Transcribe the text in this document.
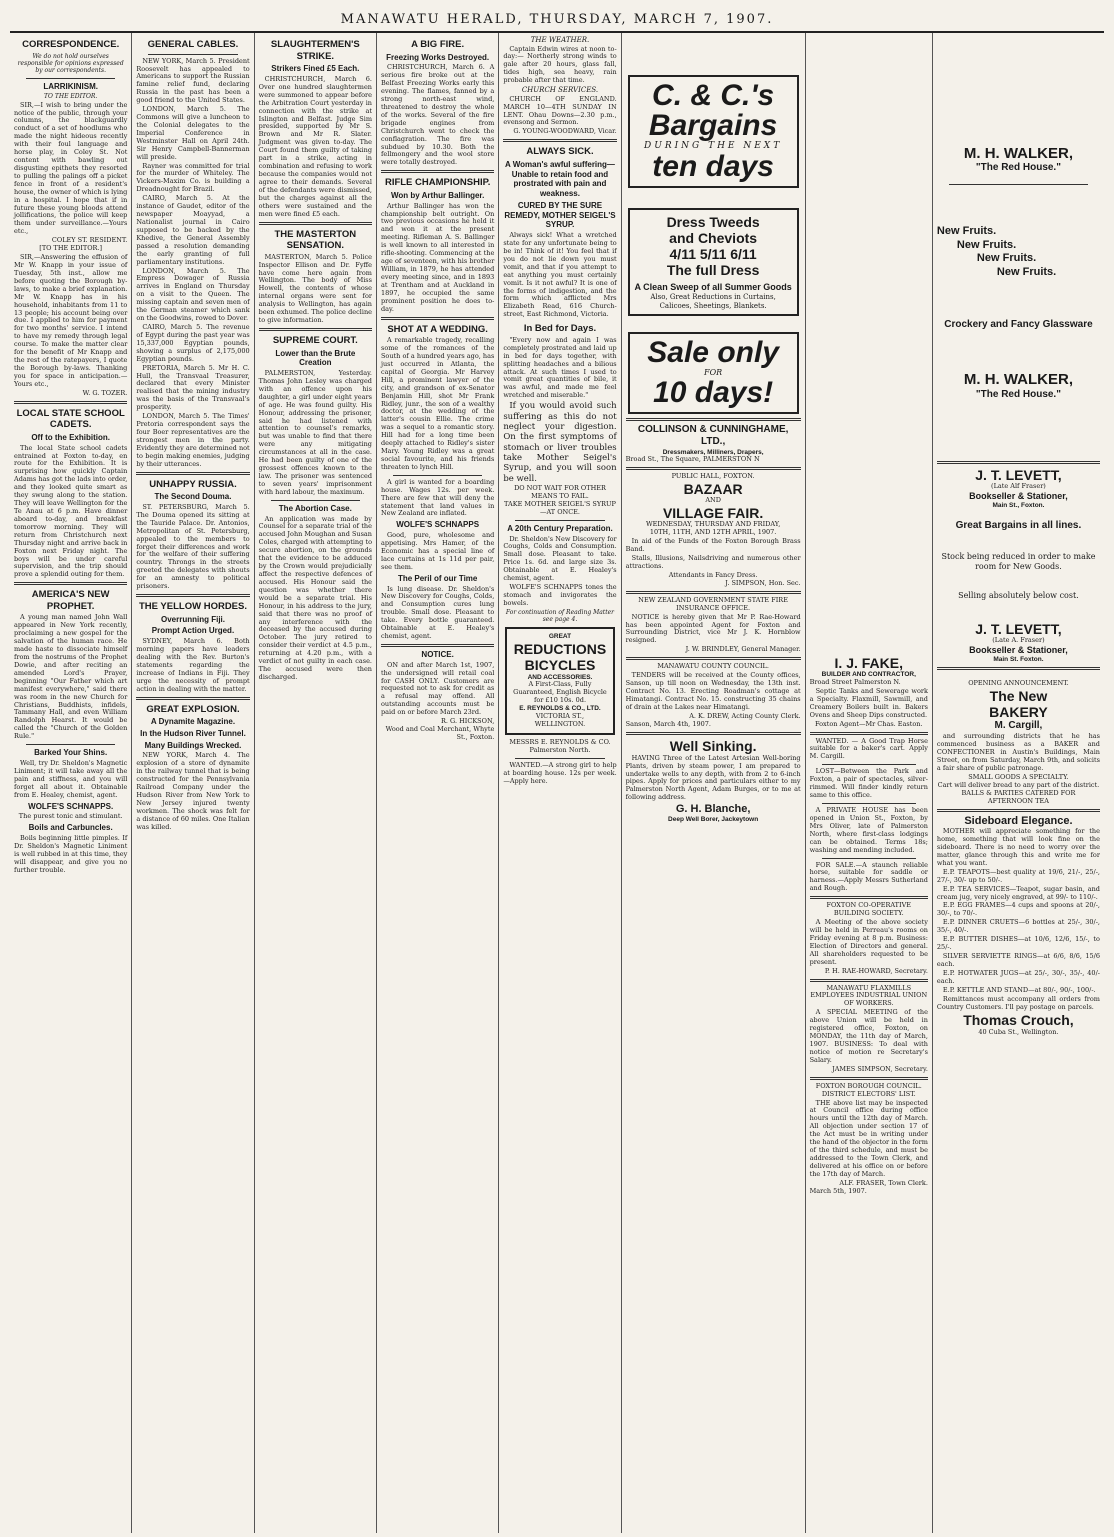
MANAWATU HERALD, THURSDAY, MARCH 7, 1907.
CORRESPONDENCE.
We do not hold ourselves responsible for opinions expressed by our correspondents.
LARRIKINISM.
TO THE EDITOR.

SIR,—I wish to bring under the notice of the public, through your columns, the blackguardly conduct of a set of hoodlums who made the night hideous recently with their foul language and horse play, in Coley St. Not content with bawling out disgusting epithets they resorted to pulling the palings off a picket fence in front of a resident's house, the owner of which is lying in a hospital. I hope that if in future these young bloods attend jollifications, the police will keep them under surveillance.—Yours etc.,

COLEY ST. RESIDENT.
[TO THE EDITOR.]

SIR,—Answering the effusion of Mr W. Knapp in your issue of Tuesday, 5th inst., allow me before quoting the Borough by-laws, to make a brief explanation. Mr W. Knapp has in his household, inhabitants from 11 to 13 people; his account being over due. I applied to him for payment for two months' service. I intend to have my remedy through legal course. To make the matter clear for the benefit of Mr Knapp and the rest of the ratepayers, I quote the Borough by-laws. Thanking you for space in anticipation.—Yours etc.,

W. G. TOZER.
LOCAL STATE SCHOOL CADETS.
Off to the Exhibition.

The local State school cadets entrained at Foxton to-day, en route for the Exhibition. It is surprising how quickly Captain Adams has got the lads into order, and they looked quite smart as they swung along to the station. They will leave Wellington for the Te Anau at 6 p.m. Have dinner aboard to-day, and breakfast tomorrow morning. They will return from Christchurch next Thursday night and arrive back in Foxton next Friday night. The boys will be under careful supervision, and the trip should prove a splendid outing for them.

AMERICA'S NEW PROPHET.

A young man named John Wall appeared in New York recently, proclaiming a new gospel for the salvation of the human race. He made haste to dissociate himself from the nostrums of the Prophet Dowie, and after reciting an amended Lord's Prayer, beginning "Our Father which art manifest everywhere," said there was room in the new Church for Christians, Buddhists, infidels, Tammany Hall, and even William Randolph Hearst. It would be called the "Church of the Golden Rule."

Barked Your Shins.

Well, try Dr. Sheldon's Magnetic Liniment; it will take away all the pain and stiffness, and you will forget all about it. Obtainable from E. Healey, chemist, agent.

WOLFE'S SCHNAPPS.
The purest tonic and stimulant.
Boils and Carbuncles.

Boils beginning little pimples. If Dr. Sheldon's Magnetic Liniment is well rubbed in at this time, they will disappear, and give you no further trouble.

GENERAL CABLES.

NEW YORK, March 5. President Roosevelt has appealed to Americans to support the Russian famine relief fund, declaring Russia in the past has been a good friend to the United States.

LONDON, March 5. The Commons will give a luncheon to the Colonial delegates to the Imperial Conference in Westminster Hall on April 24th. Sir Henry Campbell-Bannerman will preside.

Rayner was committed for trial for the murder of Whiteley. The Vickers-Maxim Co. is building a Dreadnought for Brazil.

CAIRO, March 5. At the instance of Gaudet, editor of the newspaper Moayyad, a Nationalist journal in Cairo supposed to be backed by the Khedive, the General Assembly passed a resolution demanding the early granting of full parliamentary institutions.

LONDON, March 5. The Empress Dowager of Russia arrives in England on Thursday on a visit to the Queen. The missing captain and seven men of the German steamer which sank on the Goodwins, rowed to Dover.

CAIRO, March 5. The revenue of Egypt during the past year was 15,337,000 Egyptian pounds, showing a surplus of 2,175,000 Egyptian pounds.

PRETORIA, March 5. Mr H. C. Hull, the Transvaal Treasurer, declared that every Minister realised that the mining industry was the basis of the Transvaal's prosperity.

LONDON, March 5. The Times' Pretoria correspondent says the four Boer representatives are the strongest men in the party. Evidently they are determined not to begin making enemies, judging by their utterances.

UNHAPPY RUSSIA.
The Second Douma.

ST. PETERSBURG, March 5. The Douma opened its sitting at the Tauride Palace. Dr. Antonios, Metropolitan of St. Petersburg, appealed to the members to forget their differences and work for the welfare of their suffering country. Throngs in the streets greeted the delegates with shouts for an amnesty to political prisoners.

THE YELLOW HORDES.
Overrunning Fiji.
Prompt Action Urged.

SYDNEY, March 6. Both morning papers have leaders dealing with the Rev. Burton's statements regarding the increase of Indians in Fiji. They urge the necessity of prompt action in dealing with the matter.

GREAT EXPLOSION.
A Dynamite Magazine.
In the Hudson River Tunnel.
Many Buildings Wrecked.

NEW YORK, March 4. The explosion of a store of dynamite in the railway tunnel that is being constructed for the Pennsylvania Railroad Company under the Hudson River from New York to New Jersey injured twenty workmen. The shock was felt for a distance of 60 miles. One Italian was killed.

SLAUGHTERMEN'S STRIKE.
Strikers Fined £5 Each.

CHRISTCHURCH, March 6. Over one hundred slaughtermen were summoned to appear before the Arbitration Court yesterday in connection with the strike at Islington and Belfast. Judge Sim presided, supported by Mr S. Brown and Mr R. Slater. Judgment was given to-day. The Court found them guilty of taking part in a strike, acting in combination and refusing to work because the companies would not agree to their demands. Several of the defendants were dismissed, but the charges against all the others were sustained and the men were fined £5 each.

THE MASTERTON SENSATION.

MASTERTON, March 5. Police Inspector Ellison and Dr. Fyffe have come here again from Wellington. The body of Miss Howell, the contents of whose internal organs were sent for analysis to Wellington, has again been exhumed. The police decline to give information.

SUPREME COURT.
Lower than the Brute Creation

PALMERSTON, Yesterday. Thomas John Lesley was charged with an offence upon his daughter, a girl under eight years of age. He was found guilty. His Honour, addressing the prisoner, said he had listened with attention to counsel's remarks, but was unable to find that there were any mitigating circumstances at all in the case. He had been guilty of one of the grossest offences known to the law. The prisoner was sentenced to seven years' imprisonment with hard labour, the maximum.

The Abortion Case.

An application was made by Counsel for a separate trial of the accused John Moughan and Susan Coles, charged with attempting to secure abortion, on the grounds that the evidence to be adduced by the Crown would prejudicially affect the respective defences of accused. His Honour said the question was whether there would be a separate trial. His Honour, in his address to the jury, said that there was no proof of any interference with the deceased by the accused during October. The jury retired to consider their verdict at 4.5 p.m., returning at 4.20 p.m., with a verdict of not guilty in each case. The accused were then discharged.

A BIG FIRE.
Freezing Works Destroyed.

CHRISTCHURCH, March 6. A serious fire broke out at the Belfast Freezing Works early this evening. The flames, fanned by a strong north-east wind, threatened to destroy the whole of the works. Several of the fire brigade engines from Christchurch went to check the conflagration. The fire was subdued by 10.30. Both the fellmongery and the wool store were totally destroyed.

RIFLE CHAMPIONSHIP.
Won by Arthur Ballinger.

Arthur Ballinger has won the championship belt outright. On two previous occasions he held it and won it at the present meeting. Rifleman A. S. Ballinger is well known to all interested in rifle-shooting. Commencing at the age of seventeen, with his brother William, in 1879, he has attended every meeting since, and in 1893 at Trentham and at Auckland in 1897, he occupied the same prominent position he does to-day.

SHOT AT A WEDDING.

A remarkable tragedy, recalling some of the romances of the South of a hundred years ago, has just occurred in Atlanta, the capital of Georgia. Mr Harvey Hill, a prominent lawyer of the city, and grandson of ex-Senator Benjamin Hill, shot Mr Frank Ridley, junr., the son of a wealthy doctor, at the wedding of the latter's cousin Ellie. The crime was a sequel to a romantic story. Hill had for a long time been deeply attached to Ridley's sister Mary. Young Ridley was a great social favourite, and his friends threaten to lynch Hill.

A girl is wanted for a boarding house. Wages 12s. per week. There are few that will deny the statement that land values in New Zealand are inflated.

WOLFE'S SCHNAPPS

Good, pure, wholesome and appetising. Mrs Hamer, of the Economic has a special line of lace curtains at 1s 11d per pair, see them.

The Peril of our Time

Is lung disease. Dr. Sheldon's New Discovery for Coughs, Colds, and Consumption cures lung trouble. Small dose. Pleasant to take. Every bottle guaranteed. Obtainable at E. Healey's chemist, agent.

NOTICE.

ON and after March 1st, 1907, the undersigned will retail coal for CASH ONLY. Customers are requested not to ask for credit as a refusal may offend. All outstanding accounts must be paid on or before March 23rd.

R. G. HICKSON,
Wood and Coal Merchant, Whyte St., Foxton.
THE WEATHER.

Captain Edwin wires at noon to-day:— Northerly strong winds to gale after 20 hours, glass fall, tides high, sea heavy, rain probable after that time.

CHURCH SERVICES.

CHURCH OF ENGLAND. MARCH 10—4TH SUNDAY IN LENT. Ohau Downs—2.30 p.m., evensong and Sermon.

G. YOUNG-WOODWARD, Vicar.
ALWAYS SICK.
A Woman's awful suffering—Unable to retain food and prostrated with pain and weakness.
CURED BY THE SURE REMEDY, MOTHER SEIGEL'S SYRUP.

Always sick! What a wretched state for any unfortunate being to be in! Think of it! You feel that if you do not lie down you must vomit, and that if you attempt to eat anything you must certainly vomit. Is it not awful? It is one of the forms of indigestion, and the form which afflicted Mrs Elizabeth Read, 616 Church-street, East Richmond, Victoria.

In Bed for Days.

"Every now and again I was completely prostrated and laid up in bed for days together, with splitting headaches and a bilious attack. At such times I used to vomit great quantities of bile, it was awful, and made me feel wretched and miserable."

If you would avoid such suffering as this do not neglect your digestion. On the first symptoms of stomach or liver troubles take Mother Seigel's Syrup, and you will soon be well.

DO NOT WAIT FOR OTHER MEANS TO FAIL.
TAKE MOTHER SEIGEL'S SYRUP —AT ONCE.
A 20th Century Preparation.

Dr. Sheldon's New Discovery for Coughs, Colds and Consumption. Small dose. Pleasant to take. Price 1s. 6d. and large size 3s. Obtainable at E. Healey's chemist, agent.

WOLFE'S SCHNAPPS tones the stomach and invigorates the bowels.

For continuation of Reading Matter see page 4.
GREAT
REDUCTIONS
BICYCLES
AND ACCESSORIES.
A First-Class, Fully Guaranteed, English Bicycle for £10 10s. 0d.
E. REYNOLDS & CO., LTD.
VICTORIA ST., WELLINGTON.
MESSRS E. REYNOLDS & CO.
Palmerston North.

WANTED.—A strong girl to help at boarding house. 12s per week.—Apply here.

C. & C.'s
Bargains
DURING THE NEXT
ten days
Dress Tweeds
and Cheviots
4/11 5/11 6/11
The full Dress
A Clean Sweep of all Summer Goods
Also, Great Reductions in Curtains, Calicoes, Sheetings, Blankets.
Sale only
FOR
10 days!
COLLINSON & CUNNINGHAME, LTD.,
Dressmakers, Milliners, Drapers,
Broad St., The Square, PALMERSTON N
PUBLIC HALL, FOXTON.
BAZAAR
AND
VILLAGE FAIR.
WEDNESDAY, THURSDAY AND FRIDAY,
10TH, 11TH, AND 12TH APRIL, 1907.

In aid of the Funds of the Foxton Borough Brass Band.

Stalls, Illusions, Nailsdriving and numerous other attractions.

Attendants in Fancy Dress.
J. SIMPSON, Hon. Sec.
NEW ZEALAND GOVERNMENT STATE FIRE INSURANCE OFFICE.

NOTICE is hereby given that Mr P. Rae-Howard has been appointed Agent for Foxton and Surrounding District, vice Mr J. K. Hornblow resigned.

J. W. BRINDLEY, General Manager.
MANAWATU COUNTY COUNCIL.

TENDERS will be received at the County offices, Sanson, up till noon on Wednesday, the 13th inst. Contract No. 13. Erecting Roadman's cottage at Himatangi. Contract No. 15. constructing 35 chains of drain at the Lakes near Himatangi.

A. K. DREW, Acting County Clerk.
Sanson, March 4th, 1907.
Well Sinking.

HAVING Three of the Latest Artesian Well-boring Plants, driven by steam power, I am prepared to undertake wells to any depth, with from 2 to 6-inch pipes. Apply for prices and particulars either to my Palmerston North Agent, Adam Burges, or to me at following address.

G. H. Blanche,
Deep Well Borer, Jackeytown
I. J. FAKE,
BUILDER AND CONTRACTOR,
Broad Street Palmerston N.

Septic Tanks and Sewerage work a Specialty. Flaxmill, Sawmill, and Creamery Boilers built in. Bakers Ovens and Sheep Dips constructed.

Foxton Agent—Mr Chas. Easton.

WANTED. — A Good Trap Horse suitable for a baker's cart. Apply M. Cargill.

LOST—Between the Park and Foxton, a pair of spectacles, silver-rimmed. Will finder kindly return same to this office.

A PRIVATE HOUSE has been opened in Union St., Foxton, by Mrs Oliver, late of Palmerston North, where first-class lodgings can be obtained. Terms 18s; washing and mending included.

FOR SALE.—A staunch reliable horse, suitable for saddle or harness.—Apply Messrs Sutherland and Rough.

FOXTON CO-OPERATIVE BUILDING SOCIETY.

A Meeting of the above society will be held in Perreau's rooms on Friday evening at 8 p.m. Business: Election of Directors and general. All shareholders requested to be present.

P. H. RAE-HOWARD, Secretary.
MANAWATU FLAXMILLS EMPLOYEES INDUSTRIAL UNION OF WORKERS.

A SPECIAL MEETING of the above Union will be held in registered office, Foxton, on MONDAY, the 11th day of March, 1907. BUSINESS: To deal with notice of motion re Secretary's Salary.

JAMES SIMPSON, Secretary.
FOXTON BOROUGH COUNCIL.
DISTRICT ELECTORS' LIST.

THE above list may be inspected at Council office during office hours until the 12th day of March. All objection under section 17 of the Act must be in writing under the hand of the objector in the form of the third schedule, and must be addressed to the Town Clerk, and delivered at his office on or before the 17th day of March.

ALF. FRASER, Town Clerk.
March 5th, 1907.
M. H. WALKER,
"The Red House."
New Fruits.
New Fruits.
New Fruits.
New Fruits.
Crockery and Fancy Glassware
M. H. WALKER,
"The Red House."
J. T. LEVETT,
(Late Alf Fraser)
Bookseller & Stationer,
Main St., Foxton.
Great Bargains in all lines.
Stock being reduced in order to make room for New Goods.
Selling absolutely below cost.
J. T. LEVETT,
(Late A. Fraser)
Bookseller & Stationer,
Main St. Foxton.
OPENING ANNOUNCEMENT.
The New
BAKERY
M. Cargill,

and surrounding districts that he has commenced business as a BAKER and CONFECTIONER in Austin's Buildings, Main Street, on from Saturday, March 9th, and solicits a fair share of public patronage.

SMALL GOODS A SPECIALTY.
Cart will deliver bread to any part of the district.
BALLS & PARTIES CATERED FOR
AFTERNOON TEA
Sideboard Elegance.

MOTHER will appreciate something for the home, something that will look fine on the sideboard. There is no need to worry over the matter, glance through this and write me for what you want.

E.P. TEAPOTS—best quality at 19/6, 21/-, 25/-, 27/-, 30/- up to 50/-.

E.P. TEA SERVICES—Teapot, sugar basin, and cream jug, very nicely engraved, at 99/- to 110/-.

E.P. EGG FRAMES—4 cups and spoons at 20/-, 30/-, to 70/-.

E.P. DINNER CRUETS—6 bottles at 25/-, 30/-, 35/-, 40/-.

E.P. BUTTER DISHES—at 10/6, 12/6, 15/-, to 25/-.

SILVER SERVIETTE RINGS—at 6/6, 8/6, 15/6 each.

E.P. HOTWATER JUGS—at 25/-, 30/-, 35/-, 40/- each.

E.P. KETTLE AND STAND—at 80/-, 90/-, 100/-.

Remittances must accompany all orders from Country Customers. I'll pay postage on parcels.

Thomas Crouch,
40 Cuba St., Wellington.
